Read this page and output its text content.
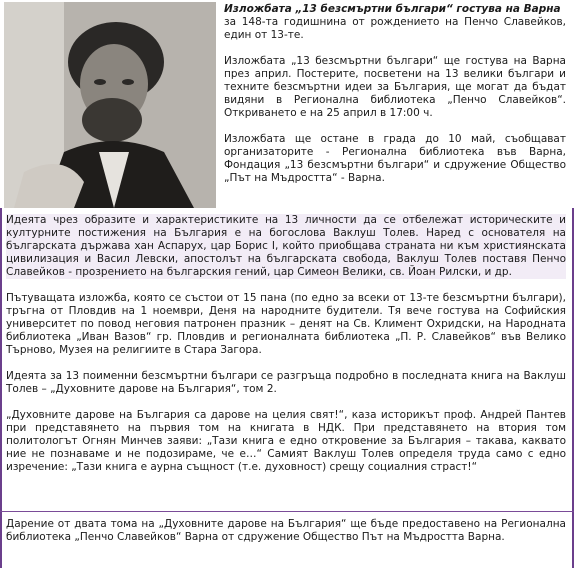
Изложбата „13 безсмъртни българи“ гостува на Варна

за 148-та годишнина от рождението на Пенчо Славейков, един от 13-те.

Изложбата „13 безсмъртни българи“ ще гостува на Варна през април. Постерите, посветени на 13 велики българи и техните безсмъртни идеи за България, ще могат да бъдат видяни в Регионална библиотека „Пенчо Славейков“. Откриването е на 25 април в 17:00 ч.

Изложбата ще остане в града до 10 май, съобщават организаторите - Регионална библиотека във Варна, Фондация „13 безсмъртни българи“ и сдружение Общество „Път на Мъдростта“ - Варна.

Идеята чрез образите и характеристиките на 13 личности да се отбележат историческите и културните постижения на България е на богослова Ваклуш Толев. Наред с основателя на българската държава хан Аспарух, цар Борис I, който приобщава страната ни към християнската цивилизация и Васил Левски, апостолът на българската свобода, Ваклуш Толев поставя Пенчо Славейков - прозрението на българския гений, цар Симеон Велики, св. Йоан Рилски, и др.

Пътуващата изложба, която се състои от 15 пана (по едно за всеки от 13-те безсмъртни българи), тръгна от Пловдив на 1 ноември, Деня на народните будители. Тя вече гостува на Софийския университет по повод неговия патронен празник – денят на Св. Климент Охридски, на Народната библиотека „Иван Вазов“ гр. Пловдив и регионалната библиотека „П. Р. Славейков“ във Велико Търново, Музея на религиите в Стара Загора.

Идеята за 13 поименни безсмъртни българи се разгръща подробно в последната книга на Ваклуш Толев – „Духовните дарове на България“, том 2.

„Духовните дарове на България са дарове на целия свят!“, каза историкът проф. Андрей Пантев при представянето на първия том на книгата в НДК. При представянето на втория том политологът Огнян Минчев заяви: „Тази книга е едно откровение за България – такава, каквато ние не познаваме и не подозираме, че е…“ Самият Ваклуш Толев определя труда само с едно изречение: „Тази книга е аурна същност (т.е. духовност) срещу социалния страст!“

Дарение от двата тома на „Духовните дарове на България“ ще бъде предоставено на Регионална библиотека „Пенчо Славейков“ Варна от сдружение Общество Път на Мъдростта Варна.
